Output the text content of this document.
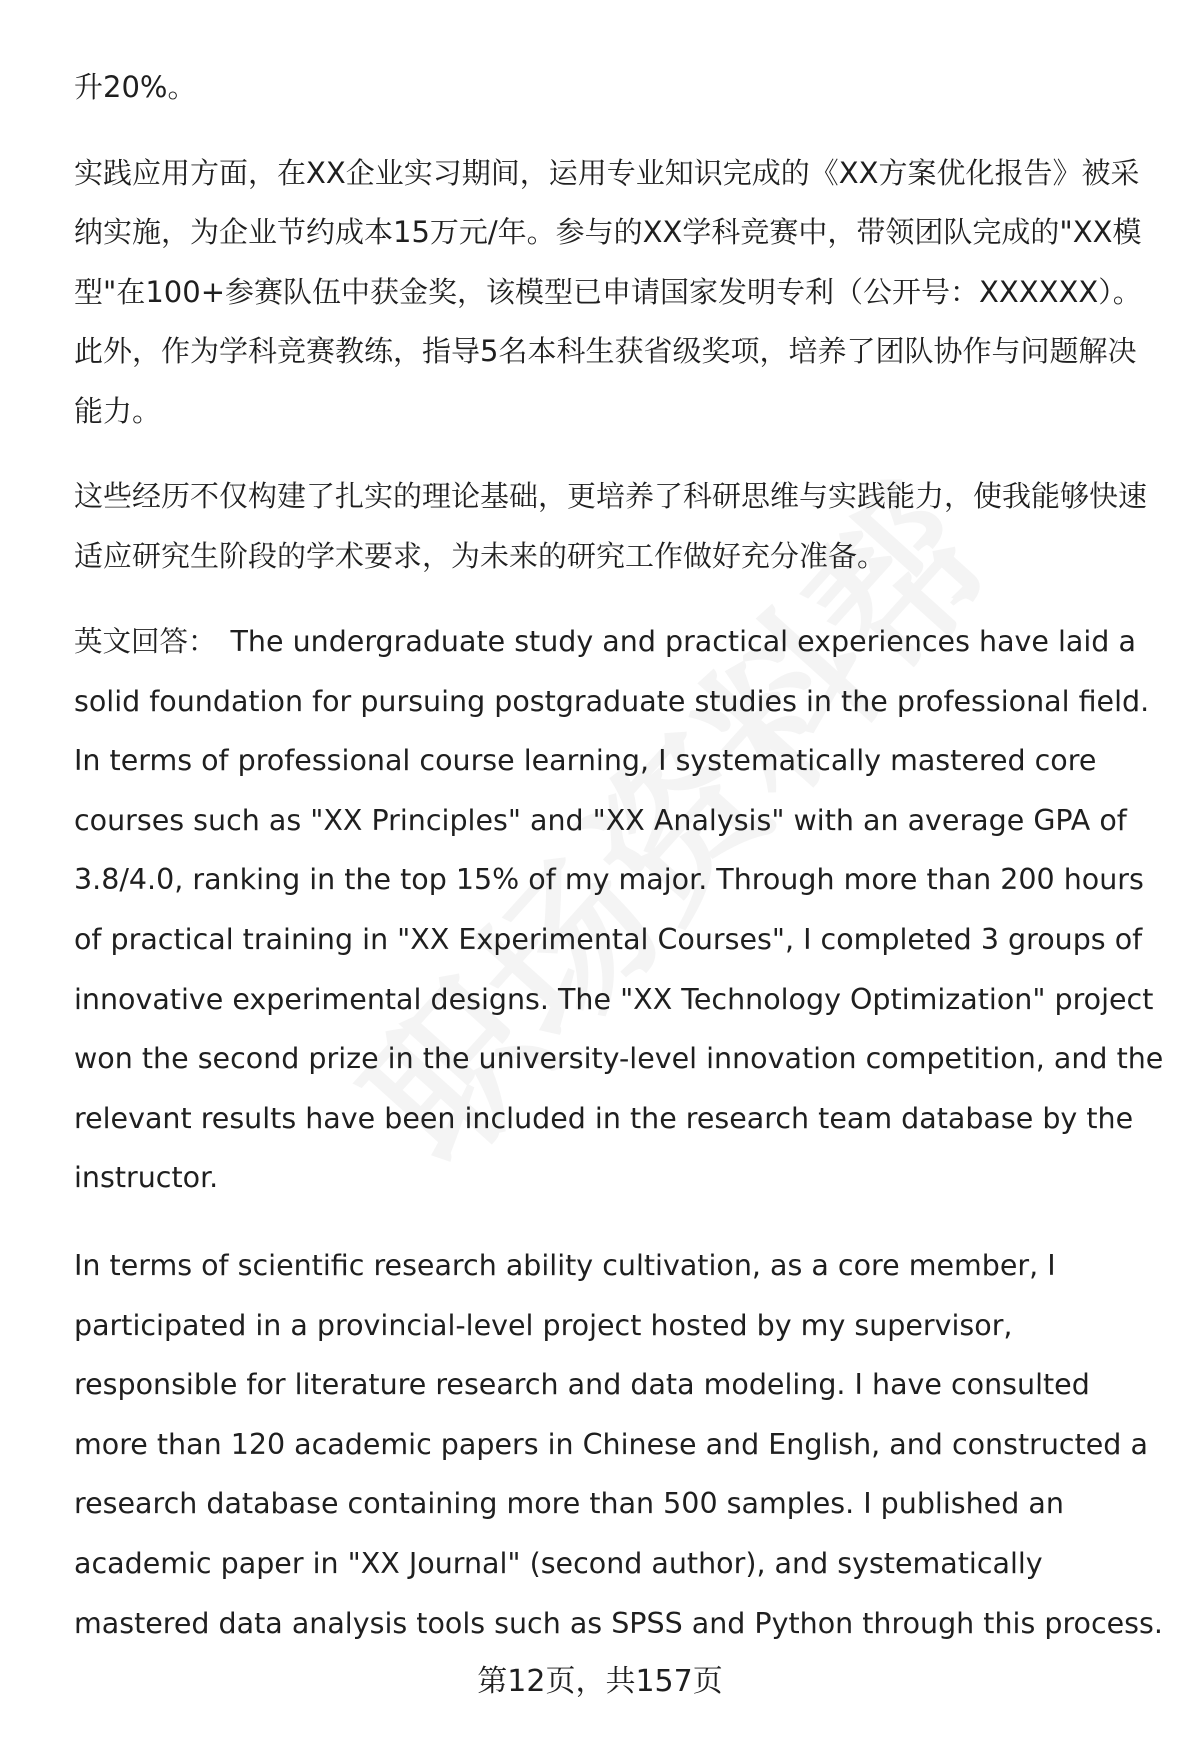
升20%。

实践应用方面，在XX企业实习期间，运用专业知识完成的《XX方案优化报告》被采纳实施，为企业节约成本15万元/年。参与的XX学科竞赛中，带领团队完成的"XX模型"在100+参赛队伍中获金奖，该模型已申请国家发明专利（公开号：XXXXXX）。此外，作为学科竞赛教练，指导5名本科生获省级奖项，培养了团队协作与问题解决能力。

这些经历不仅构建了扎实的理论基础，更培养了科研思维与实践能力，使我能够快速适应研究生阶段的学术要求，为未来的研究工作做好充分准备。

英文回答： The undergraduate study and practical experiences have laid a solid foundation for pursuing postgraduate studies in the professional field. In terms of professional course learning, I systematically mastered core courses such as "XX Principles" and "XX Analysis" with an average GPA of 3.8/4.0, ranking in the top 15% of my major. Through more than 200 hours of practical training in "XX Experimental Courses", I completed 3 groups of innovative experimental designs. The "XX Technology Optimization" project won the second prize in the university-level innovation competition, and the relevant results have been included in the research team database by the instructor.

In terms of scientific research ability cultivation, as a core member, I participated in a provincial-level project hosted by my supervisor, responsible for literature research and data modeling. I have consulted more than 120 academic papers in Chinese and English, and constructed a research database containing more than 500 samples. I published an academic paper in "XX Journal" (second author), and systematically mastered data analysis tools such as SPSS and Python through this process.

第12页，共157页
